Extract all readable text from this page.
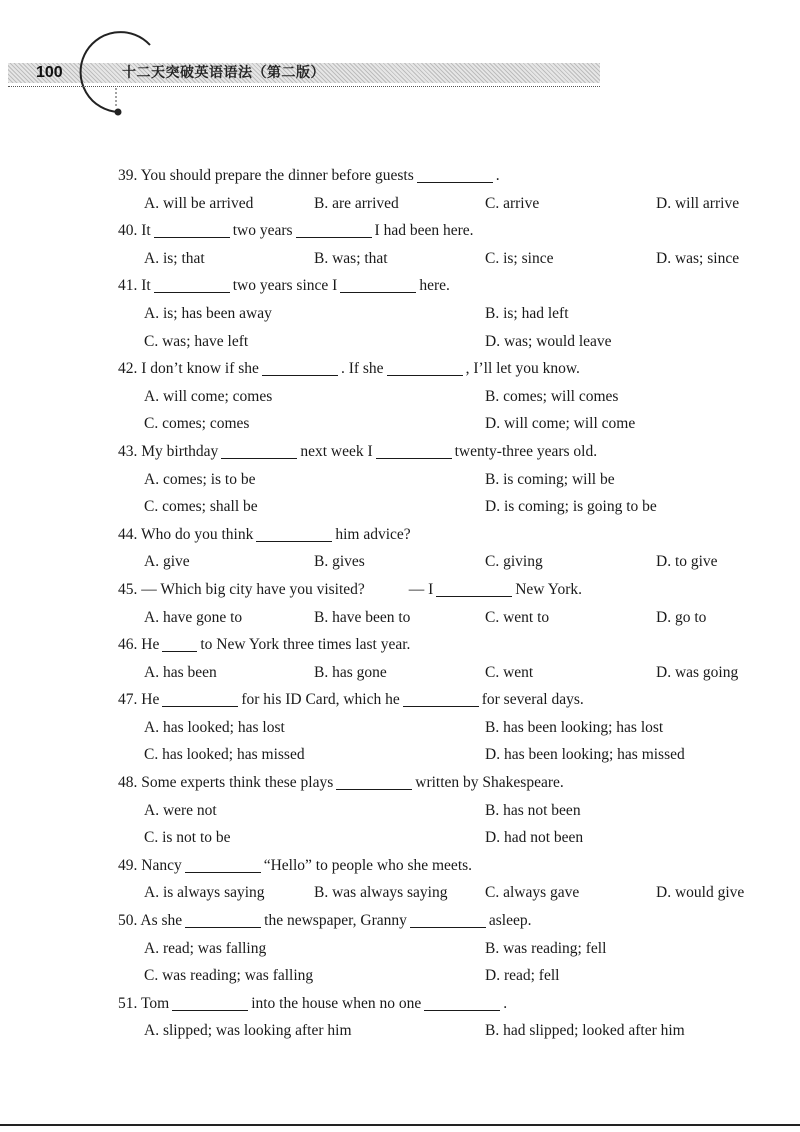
100	十二天突破英语语法（第二版）
39. You should prepare the dinner before guests	.
A. will be arrived	B. are arrived	C. arrive	D. will arrive
40. It	two years	I had been here.
A. is; that	B. was; that	C. is; since	D. was; since
41. It	two years since I	here.
A. is; has been away	B. is; had left
C. was; have left	D. was; would leave
42. I don’t know if she	. If she	, I’ll let you know.
A. will come; comes	B. comes; will comes
C. comes; comes	D. will come; will come
43. My birthday	next week I	twenty-three years old.
A. comes; is to be	B. is coming; will be
C. comes; shall be	D. is coming; is going to be
44. Who do you think	him advice?
A. give	B. gives	C. giving	D. to give
45. — Which big city have you visited?	— I	New York.
A. have gone to	B. have been to	C. went to	D. go to
46. He	to New York three times last year.
A. has been	B. has gone	C. went	D. was going
47. He	for his ID Card, which he	for several days.
A. has looked; has lost	B. has been looking; has lost
C. has looked; has missed	D. has been looking; has missed
48. Some experts think these plays	written by Shakespeare.
A. were not	B. has not been
C. is not to be	D. had not been
49. Nancy	“Hello” to people who she meets.
A. is always saying	B. was always saying C. always gave	D. would give
50. As she	the newspaper, Granny	asleep.
A. read; was falling	B. was reading; fell
C. was reading; was falling	D. read; fell
51. Tom	into the house when no one	.
A. slipped; was looking after him	B. had slipped; looked after him
